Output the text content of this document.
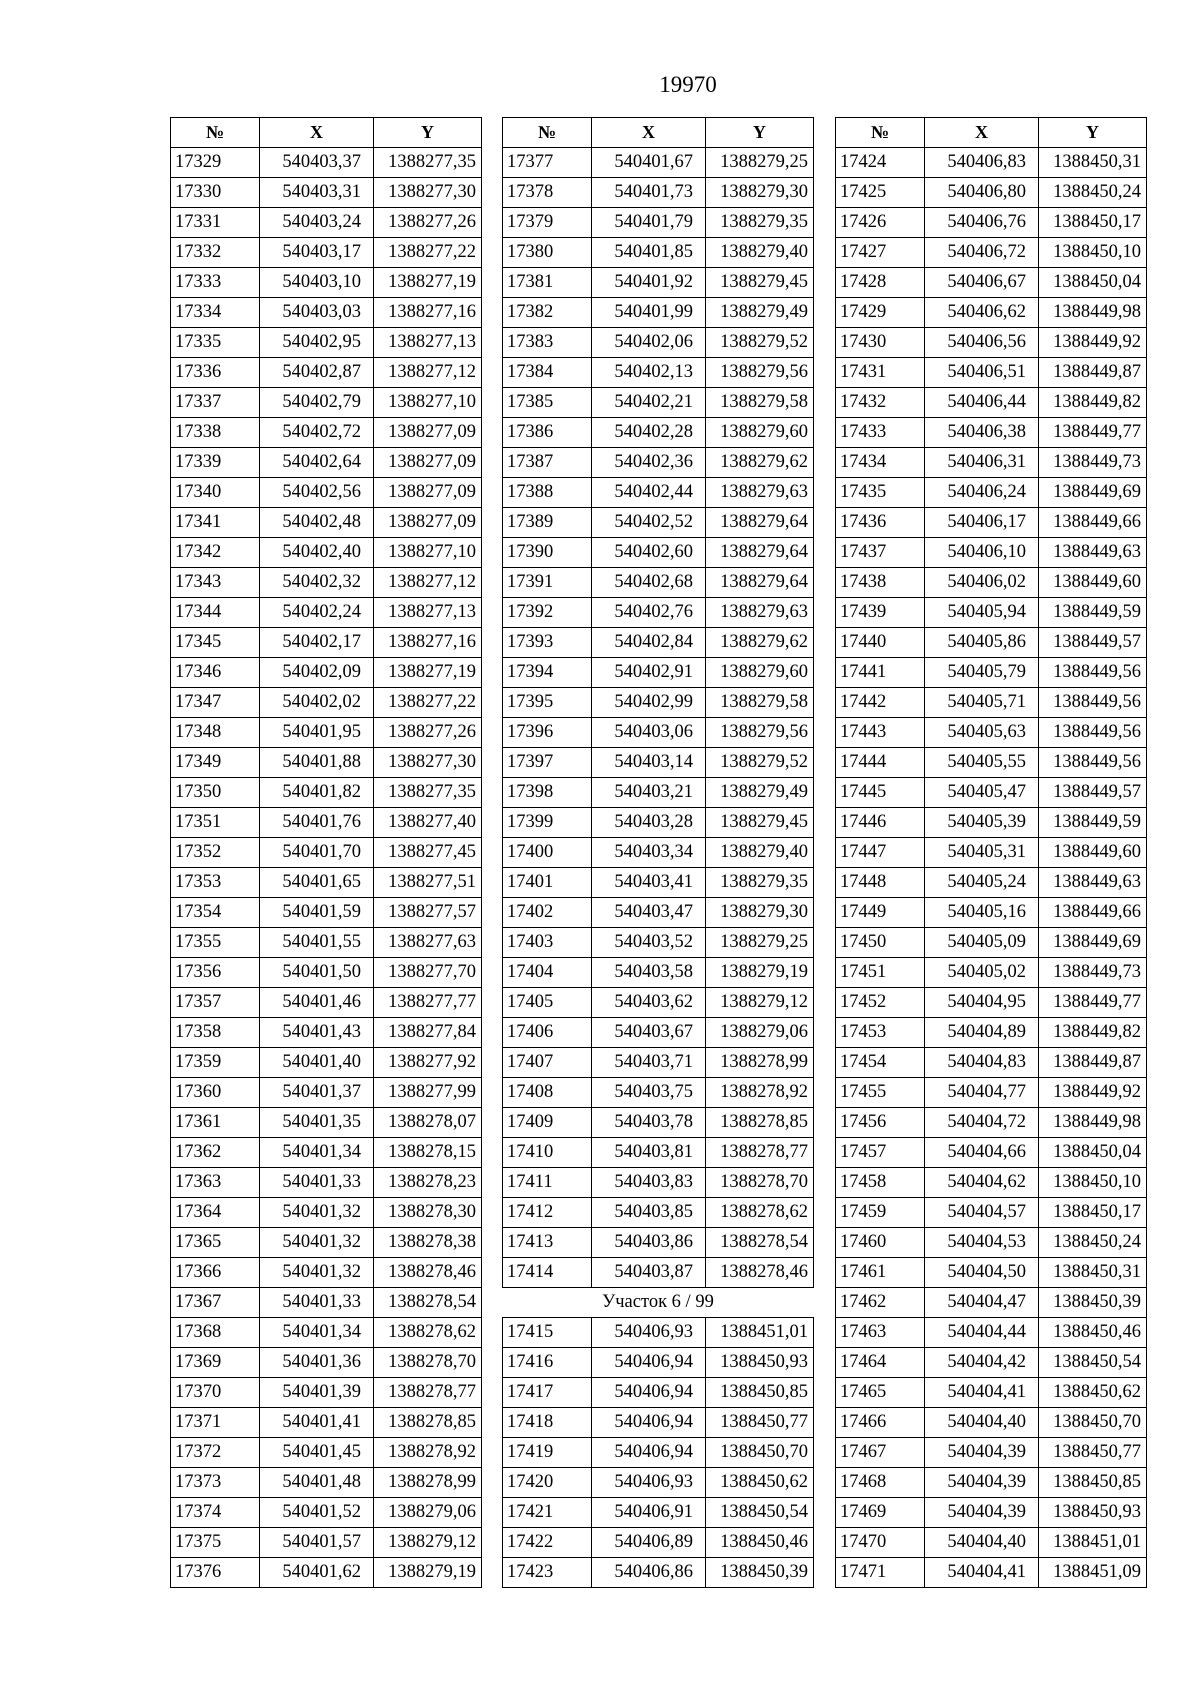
19970
№	X	Y
17329	540403,37	1388277,35
17330	540403,31	1388277,30
17331	540403,24	1388277,26
17332	540403,17	1388277,22
17333	540403,10	1388277,19
17334	540403,03	1388277,16
17335	540402,95	1388277,13
17336	540402,87	1388277,12
17337	540402,79	1388277,10
17338	540402,72	1388277,09
17339	540402,64	1388277,09
17340	540402,56	1388277,09
17341	540402,48	1388277,09
17342	540402,40	1388277,10
17343	540402,32	1388277,12
17344	540402,24	1388277,13
17345	540402,17	1388277,16
17346	540402,09	1388277,19
17347	540402,02	1388277,22
17348	540401,95	1388277,26
17349	540401,88	1388277,30
17350	540401,82	1388277,35
17351	540401,76	1388277,40
17352	540401,70	1388277,45
17353	540401,65	1388277,51
17354	540401,59	1388277,57
17355	540401,55	1388277,63
17356	540401,50	1388277,70
17357	540401,46	1388277,77
17358	540401,43	1388277,84
17359	540401,40	1388277,92
17360	540401,37	1388277,99
17361	540401,35	1388278,07
17362	540401,34	1388278,15
17363	540401,33	1388278,23
17364	540401,32	1388278,30
17365	540401,32	1388278,38
17366	540401,32	1388278,46
17367	540401,33	1388278,54
17368	540401,34	1388278,62
17369	540401,36	1388278,70
17370	540401,39	1388278,77
17371	540401,41	1388278,85
17372	540401,45	1388278,92
17373	540401,48	1388278,99
17374	540401,52	1388279,06
17375	540401,57	1388279,12
17376	540401,62	1388279,19
№	X	Y
17377	540401,67	1388279,25
17378	540401,73	1388279,30
17379	540401,79	1388279,35
17380	540401,85	1388279,40
17381	540401,92	1388279,45
17382	540401,99	1388279,49
17383	540402,06	1388279,52
17384	540402,13	1388279,56
17385	540402,21	1388279,58
17386	540402,28	1388279,60
17387	540402,36	1388279,62
17388	540402,44	1388279,63
17389	540402,52	1388279,64
17390	540402,60	1388279,64
17391	540402,68	1388279,64
17392	540402,76	1388279,63
17393	540402,84	1388279,62
17394	540402,91	1388279,60
17395	540402,99	1388279,58
17396	540403,06	1388279,56
17397	540403,14	1388279,52
17398	540403,21	1388279,49
17399	540403,28	1388279,45
17400	540403,34	1388279,40
17401	540403,41	1388279,35
17402	540403,47	1388279,30
17403	540403,52	1388279,25
17404	540403,58	1388279,19
17405	540403,62	1388279,12
17406	540403,67	1388279,06
17407	540403,71	1388278,99
17408	540403,75	1388278,92
17409	540403,78	1388278,85
17410	540403,81	1388278,77
17411	540403,83	1388278,70
17412	540403,85	1388278,62
17413	540403,86	1388278,54
17414	540403,87	1388278,46
Участок 6 / 99		
17415	540406,93	1388451,01
17416	540406,94	1388450,93
17417	540406,94	1388450,85
17418	540406,94	1388450,77
17419	540406,94	1388450,70
17420	540406,93	1388450,62
17421	540406,91	1388450,54
17422	540406,89	1388450,46
17423	540406,86	1388450,39
№	X	Y
17424	540406,83	1388450,31
17425	540406,80	1388450,24
17426	540406,76	1388450,17
17427	540406,72	1388450,10
17428	540406,67	1388450,04
17429	540406,62	1388449,98
17430	540406,56	1388449,92
17431	540406,51	1388449,87
17432	540406,44	1388449,82
17433	540406,38	1388449,77
17434	540406,31	1388449,73
17435	540406,24	1388449,69
17436	540406,17	1388449,66
17437	540406,10	1388449,63
17438	540406,02	1388449,60
17439	540405,94	1388449,59
17440	540405,86	1388449,57
17441	540405,79	1388449,56
17442	540405,71	1388449,56
17443	540405,63	1388449,56
17444	540405,55	1388449,56
17445	540405,47	1388449,57
17446	540405,39	1388449,59
17447	540405,31	1388449,60
17448	540405,24	1388449,63
17449	540405,16	1388449,66
17450	540405,09	1388449,69
17451	540405,02	1388449,73
17452	540404,95	1388449,77
17453	540404,89	1388449,82
17454	540404,83	1388449,87
17455	540404,77	1388449,92
17456	540404,72	1388449,98
17457	540404,66	1388450,04
17458	540404,62	1388450,10
17459	540404,57	1388450,17
17460	540404,53	1388450,24
17461	540404,50	1388450,31
17462	540404,47	1388450,39
17463	540404,44	1388450,46
17464	540404,42	1388450,54
17465	540404,41	1388450,62
17466	540404,40	1388450,70
17467	540404,39	1388450,77
17468	540404,39	1388450,85
17469	540404,39	1388450,93
17470	540404,40	1388451,01
17471	540404,41	1388451,09
